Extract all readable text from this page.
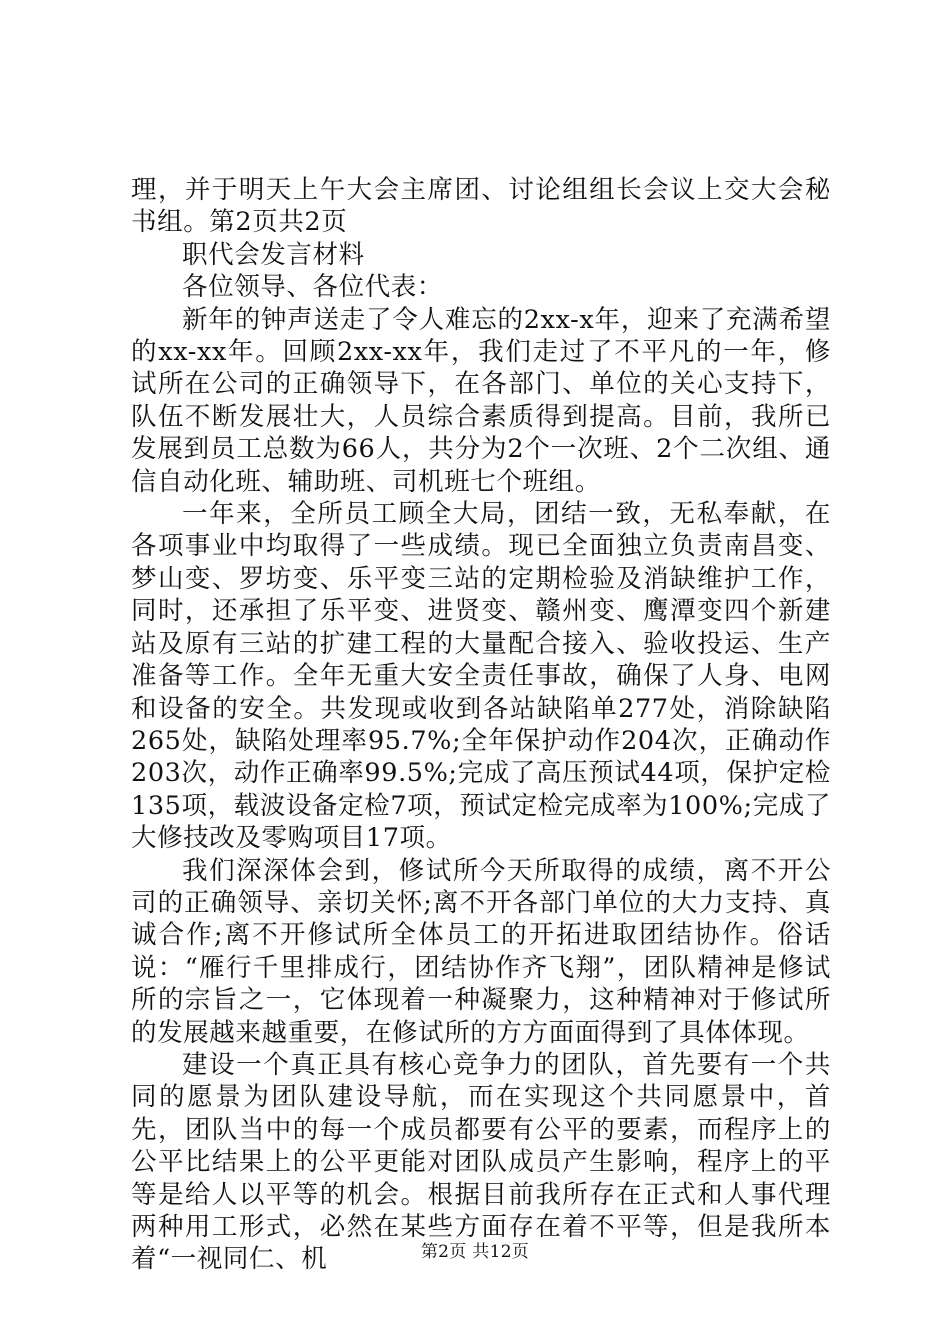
理，并于明天上午大会主席团、讨论组组长会议上交大会秘书组。第2页共2页

职代会发言材料

各位领导、各位代表：

新年的钟声送走了令人难忘的2xx-x年，迎来了充满希望的xx-xx年。回顾2xx-xx年，我们走过了不平凡的一年，修试所在公司的正确领导下，在各部门、单位的关心支持下，队伍不断发展壮大，人员综合素质得到提高。目前，我所已发展到员工总数为66人，共分为2个一次班、2个二次组、通信自动化班、辅助班、司机班七个班组。

一年来，全所员工顾全大局，团结一致，无私奉献，在各项事业中均取得了一些成绩。现已全面独立负责南昌变、梦山变、罗坊变、乐平变三站的定期检验及消缺维护工作，同时，还承担了乐平变、进贤变、赣州变、鹰潭变四个新建站及原有三站的扩建工程的大量配合接入、验收投运、生产准备等工作。全年无重大安全责任事故，确保了人身、电网和设备的安全。共发现或收到各站缺陷单277处，消除缺陷265处，缺陷处理率95.7%;全年保护动作204次，正确动作203次，动作正确率99.5%;完成了高压预试44项，保护定检135项，载波设备定检7项，预试定检完成率为100%;完成了大修技改及零购项目17项。

我们深深体会到，修试所今天所取得的成绩，离不开公司的正确领导、亲切关怀;离不开各部门单位的大力支持、真诚合作;离不开修试所全体员工的开拓进取团结协作。俗话说：“雁行千里排成行，团结协作齐飞翔”，团队精神是修试所的宗旨之一，它体现着一种凝聚力，这种精神对于修试所的发展越来越重要，在修试所的方方面面得到了具体体现。

建设一个真正具有核心竞争力的团队，首先要有一个共同的愿景为团队建设导航，而在实现这个共同愿景中，首先，团队当中的每一个成员都要有公平的要素，而程序上的公平比结果上的公平更能对团队成员产生影响，程序上的平等是给人以平等的机会。根据目前我所存在正式和人事代理两种用工形式，必然在某些方面存在着不平等，但是我所本着“一视同仁、机	第2页 共12页
